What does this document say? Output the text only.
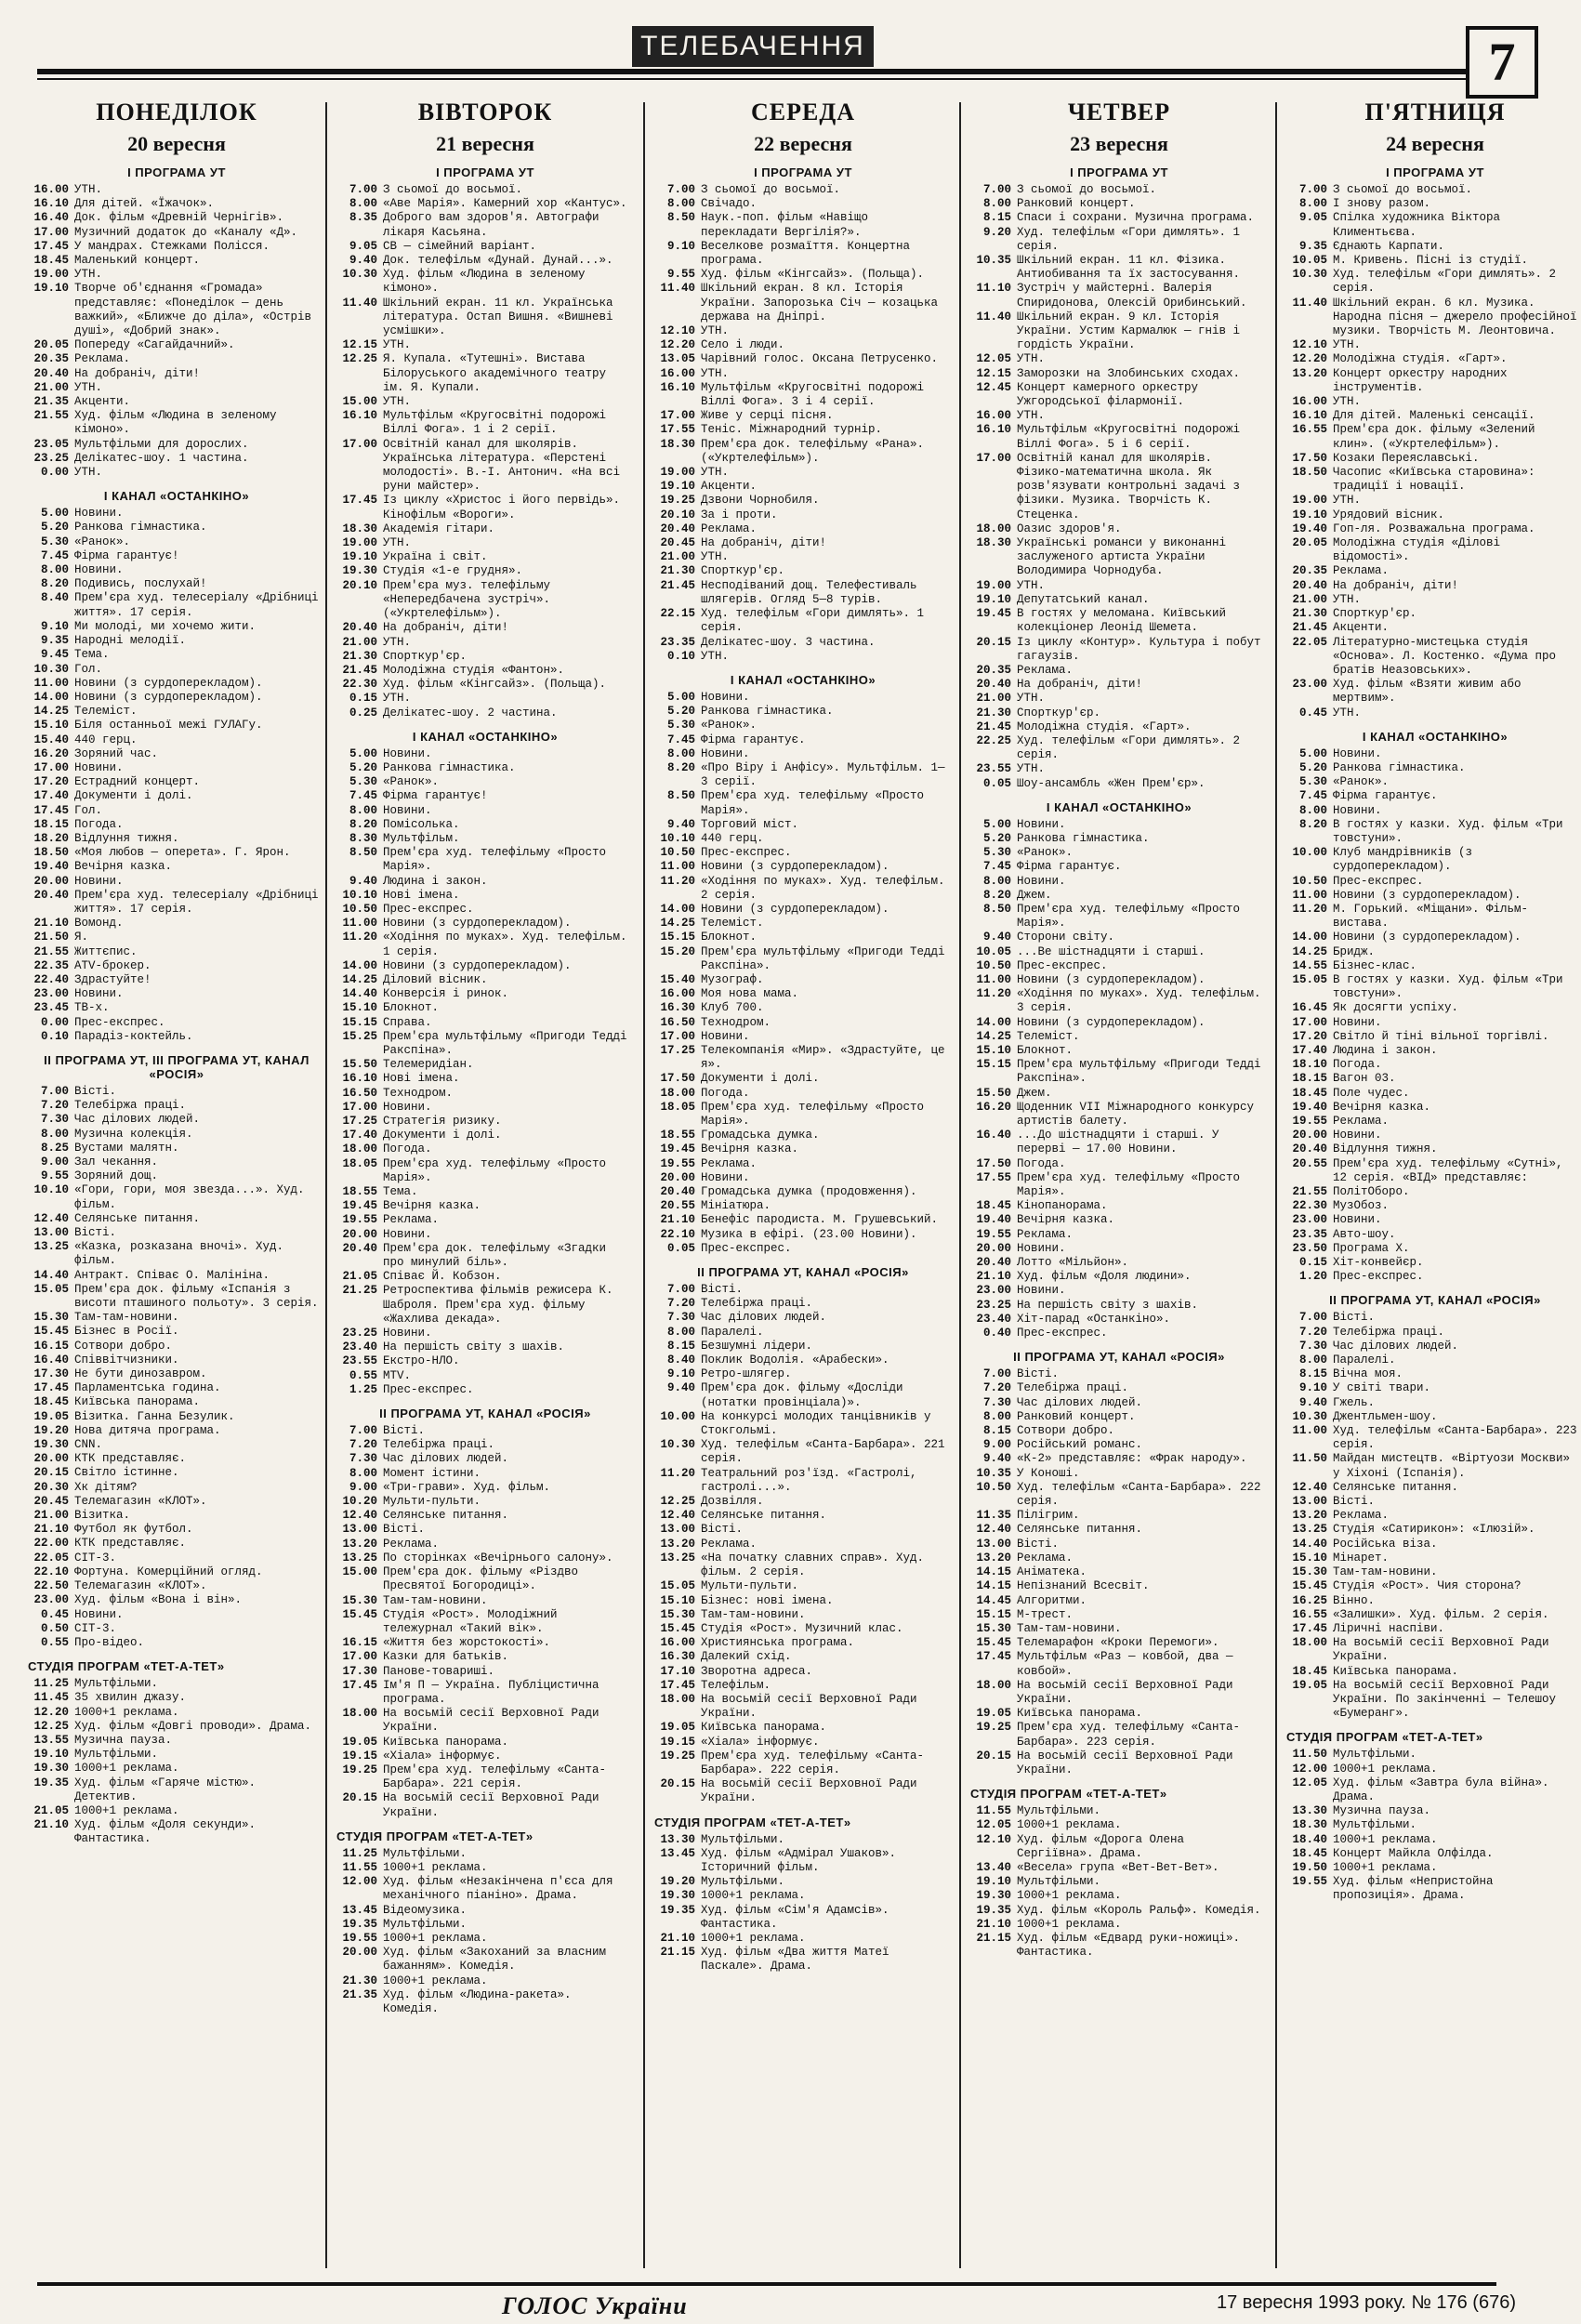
ТЕЛЕБАЧЕННЯ	7
ПОНЕДІЛОК
20 вересня
І ПРОГРАМА УТ
16.00 УТН.
16.10 Для дітей. «Їжачок».
16.40 Док. фільм «Древній Чернігів».
17.00 Музичний додаток до «Каналу «Д».
17.45 У мандрах. Стежками Полісся.
18.45 Маленький концерт.
19.00 УТН.
19.10 Творче об'єднання «Громада» представляє: «Понеділок — день важкий», «Ближче до діла», «Острів душі», «Добрий знак».
20.05 Попереду «Сагайдачний».
20.35 Реклама.
20.40 На добраніч, діти!
21.00 УТН.
21.35 Акценти.
21.55 Худ. фільм «Людина в зеленому кімоно».
23.05 Мультфільми для дорослих.
23.25 Делікатес-шоу. 1 частина.
0.00 УТН.
І КАНАЛ «ОСТАНКІНО»
5.00 Новини.
5.20 Ранкова гімнастика.
5.30 «Ранок».
7.45 Фірма гарантує!
8.00 Новини.
8.20 Подивись, послухай!
8.40 Прем'єра худ. телесеріалу «Дрібниці життя». 17 серія.
9.10 Ми молоді, ми хочемо жити.
9.35 Народні мелодії.
9.45 Тема.
10.30 Гол.
11.00 Новини (з сурдоперекладом).
14.00 Новини (з сурдоперекладом).
14.25 Телеміст.
15.10 Біля останньої межі ГУЛАГу.
15.40 440 герц.
16.20 Зоряний час.
17.00 Новини.
17.20 Естрадний концерт.
17.40 Документи і долі.
17.45 Гол.
18.15 Погода.
18.20 Відлуння тижня.
18.50 «Моя любов — оперета». Г. Ярон.
19.40 Вечірня казка.
20.00 Новини.
20.40 Прем'єра худ. телесеріалу «Дрібниці життя». 17 серія.
21.10 Вомонд.
21.50 Я.
21.55 Життєпис.
22.35 ATV-брокер.
22.40 Здрастуйте!
23.00 Новини.
23.45 ТВ-х.
0.00 Прес-експрес.
0.10 Парадіз-коктейль.
ІІ ПРОГРАМА УТ, ІІІ ПРОГРАМА УТ, КАНАЛ «РОСІЯ»
7.00 Вісті.
7.20 Телебіржа праці.
7.30 Час ділових людей.
8.00 Музична колекція.
8.25 Вустами малятн.
9.00 Зал чекання.
9.55 Зоряний дощ.
10.10 «Гори, гори, моя звезда...». Худ. фільм.
12.40 Селянське питання.
13.00 Вісті.
13.25 «Казка, розказана вночі». Худ. фільм.
14.40 Антракт. Співає О. Малініна.
15.05 Прем'єра док. фільму «Іспанія з висоти пташиного польоту». 3 серія.
15.30 Там-там-новини.
15.45 Бізнес в Росії.
16.15 Сотвори добро.
16.40 Співвітчизники.
17.30 Не бути динозавром.
17.45 Парламентська година.
18.45 Київська панорама.
19.05 Візитка. Ганна Безулик.
19.20 Нова дитяча програма.
19.30 CNN.
20.00 КТК представляє.
20.15 Світло істинне.
20.30 Хк дітям?
20.45 Телемагазин «КЛОТ».
21.00 Візитка.
21.10 Футбол як футбол.
22.00 КТК представляє.
22.05 СІТ-3.
22.10 Фортуна. Комерційний огляд.
22.50 Телемагазин «КЛОТ».
23.00 Худ. фільм «Вона і він».
0.45 Новини.
0.50 СІТ-3.
0.55 Про-відео.
СТУДІЯ ПРОГРАМ «ТЕТ-А-ТЕТ»
11.25 Мультфільми.
11.45 35 хвилин джазу.
12.20 1000+1 реклама.
12.25 Худ. фільм «Довгі проводи». Драма.
13.55 Музична пауза.
19.10 Мультфільми.
19.30 1000+1 реклама.
19.35 Худ. фільм «Гаряче містю». Детектив.
21.05 1000+1 реклама.
21.10 Худ. фільм «Доля секунди». Фантастика.
ВІВТОРОК
21 вересня
І ПРОГРАМА УТ
7.00 З сьомої до восьмої.
8.00 «Аве Марія». Камерний хор «Кантус».
8.35 Доброго вам здоров'я. Автографи лікаря Касьяна.
9.05 СВ — сімейний варіант.
9.40 Док. телефільм «Дунай. Дунай...».
10.30 Худ. фільм «Людина в зеленому кімоно».
11.40 Шкільний екран. 11 кл. Українська література. Остап Вишня. «Вишневі усмішки».
12.15 УТН.
12.25 Я. Купала. «Тутешні». Вистава Білоруського академічного театру ім. Я. Купали.
15.00 УТН.
16.10 Мультфільм «Кругосвітні подорожі Віллі Фога». 1 і 2 серії.
17.00 Освітній канал для школярів. Українська література. «Перстені молодості». В.-І. Антонич. «На всі руни майстер».
17.45 Із циклу «Христос і його первідь». Кінофільм «Вороги».
18.30 Академія гітари.
19.00 УТН.
19.10 Україна і світ.
19.30 Студія «1-е грудня».
20.10 Прем'єра муз. телефільму «Непередбачена зустріч». («Укртелефільм»).
20.40 На добраніч, діти!
21.00 УТН.
21.30 Спорткур'єр.
21.45 Молодіжна студія «Фантон».
22.30 Худ. фільм «Кінгсайз». (Польща).
0.15 УТН.
0.25 Делікатес-шоу. 2 частина.
І КАНАЛ «ОСТАНКІНО»
5.00 Новини.
5.20 Ранкова гімнастика.
5.30 «Ранок».
7.45 Фірма гарантує!
8.00 Новини.
8.20 Помісолька.
8.30 Мультфільм.
8.50 Прем'єра худ. телефільму «Просто Марія».
9.40 Людина і закон.
10.10 Нові імена.
10.50 Прес-експрес.
11.00 Новини (з сурдоперекладом).
11.20 «Ходіння по муках». Худ. телефільм. 1 серія.
14.00 Новини (з сурдоперекладом).
14.25 Діловий вісник.
14.40 Конверсія і ринок.
15.10 Блокнот.
15.15 Справа.
15.25 Прем'єра мультфільму «Пригоди Тедді Ракспіна».
15.50 Телемеридіан.
16.10 Нові імена.
16.50 Технодром.
17.00 Новини.
17.25 Стратегія ризику.
17.40 Документи і долі.
18.00 Погода.
18.05 Прем'єра худ. телефільму «Просто Марія».
18.55 Тема.
19.45 Вечірня казка.
19.55 Реклама.
20.00 Новини.
20.40 Прем'єра док. телефільму «Згадки про минулий біль».
21.05 Співає Й. Кобзон.
21.25 Ретроспектива фільмів режисера К. Шаброля. Прем'єра худ. фільму «Жахлива декада».
23.25 Новини.
23.40 На першість світу з шахів.
23.55 Екстро-НЛО.
0.55 MTV.
1.25 Прес-експрес.
ІІ ПРОГРАМА УТ, КАНАЛ «РОСІЯ»
7.00 Вісті.
7.20 Телебіржа праці.
7.30 Час ділових людей.
8.00 Момент істини.
9.00 «Три-грави». Худ. фільм.
10.20 Мульти-пульти.
12.40 Селянське питання.
13.00 Вісті.
13.20 Реклама.
13.25 По сторінках «Вечірнього салону».
15.00 Прем'єра док. фільму «Різдво Пресвятої Богородиці».
15.30 Там-там-новини.
15.45 Студія «Рост». Молодіжний тележурнал «Такий вік».
16.15 «Життя без жорстокості».
17.00 Казки для батьків.
17.30 Панове-товариші.
17.45 Ім'я П — Україна. Публіцистична програма.
18.00 На восьмій сесії Верховної Ради України.
19.05 Київська панорама.
19.15 «Хіала» інформує.
19.25 Прем'єра худ. телефільму «Санта-Барбара». 221 серія.
20.15 На восьмій сесії Верховної Ради України.
СТУДІЯ ПРОГРАМ «ТЕТ-А-ТЕТ»
11.25 Мультфільми.
11.55 1000+1 реклама.
12.00 Худ. фільм «Незакінчена п'єса для механічного піаніно». Драма.
13.45 Відеомузика.
19.35 Мультфільми.
19.55 1000+1 реклама.
20.00 Худ. фільм «Закоханий за власним бажанням». Комедія.
21.30 1000+1 реклама.
21.35 Худ. фільм «Людина-ракета». Комедія.
СЕРЕДА
22 вересня
І ПРОГРАМА УТ
7.00 З сьомої до восьмої.
8.00 Свічадо.
8.50 Наук.-поп. фільм «Навіщо перекладати Вергілія?».
9.10 Веселкове розмаїття. Концертна програма.
9.55 Худ. фільм «Кінгсайз». (Польща).
11.40 Шкільний екран. 8 кл. Історія України. Запорозька Січ — козацька держава на Дніпрі.
12.10 УТН.
12.20 Село і люди.
13.05 Чарівний голос. Оксана Петрусенко.
16.00 УТН.
16.10 Мультфільм «Кругосвітні подорожі Віллі Фога». 3 і 4 серії.
17.00 Живе у серці пісня.
17.55 Теніс. Міжнародний турнір.
18.30 Прем'єра док. телефільму «Рана». («Укртелефільм»).
19.00 УТН.
19.10 Акценти.
19.25 Дзвони Чорнобиля.
20.10 За і проти.
20.40 Реклама.
20.45 На добраніч, діти!
21.00 УТН.
21.30 Спорткур'єр.
21.45 Несподіваний дощ. Телефестиваль шлягерів. Огляд 5—8 турів.
22.15 Худ. телефільм «Гори димлять». 1 серія.
23.35 Делікатес-шоу. 3 частина.
0.10 УТН.
І КАНАЛ «ОСТАНКІНО»
5.00 Новини.
5.20 Ранкова гімнастика.
5.30 «Ранок».
7.45 Фірма гарантує.
8.00 Новини.
8.20 «Про Віру і Анфісу». Мультфільм. 1—3 серії.
8.50 Прем'єра худ. телефільму «Просто Марія».
9.40 Торговий міст.
10.10 440 герц.
10.50 Прес-експрес.
11.00 Новини (з сурдоперекладом).
11.20 «Ходіння по муках». Худ. телефільм. 2 серія.
14.00 Новини (з сурдоперекладом).
14.25 Телеміст.
15.15 Блокнот.
15.20 Прем'єра мультфільму «Пригоди Тедді Ракспіна».
15.40 Музограф.
16.00 Моя нова мама.
16.30 Клуб 700.
16.50 Технодром.
17.00 Новини.
17.25 Телекомпанія «Мир». «Здрастуйте, це я».
17.50 Документи і долі.
18.00 Погода.
18.05 Прем'єра худ. телефільму «Просто Марія».
18.55 Громадська думка.
19.45 Вечірня казка.
19.55 Реклама.
20.00 Новини.
20.40 Громадська думка (продовження).
20.55 Мініатюра.
21.10 Бенефіс пародиста. М. Грушевський.
22.10 Музика в ефірі. (23.00 Новини).
0.05 Прес-експрес.
ІІ ПРОГРАМА УТ, КАНАЛ «РОСІЯ»
7.00 Вісті.
7.20 Телебіржа праці.
7.30 Час ділових людей.
8.00 Паралелі.
8.15 Безшумні лідери.
8.40 Поклик Водолія. «Арабески».
9.10 Ретро-шлягер.
9.40 Прем'єра док. фільму «Досліди (нотатки провінціала)».
10.00 На конкурсі молодих танцівників у Стокгольмі.
10.30 Худ. телефільм «Санта-Барбара». 221 серія.
11.20 Театральний роз'їзд. «Гастролі, гастролі...».
12.25 Дозвілля.
12.40 Селянське питання.
13.00 Вісті.
13.20 Реклама.
13.25 «На початку славних справ». Худ. фільм. 2 серія.
15.05 Мульти-пульти.
15.10 Бізнес: нові імена.
15.30 Там-там-новини.
15.45 Студія «Рост». Музичний клас.
16.00 Християнська програма.
16.30 Далекий схід.
17.10 Зворотна адреса.
17.45 Телефільм.
18.00 На восьмій сесії Верховної Ради України.
19.05 Київська панорама.
19.15 «Хіала» інформує.
19.25 Прем'єра худ. телефільму «Санта-Барбара». 222 серія.
20.15 На восьмій сесії Верховної Ради України.
СТУДІЯ ПРОГРАМ «ТЕТ-А-ТЕТ»
13.30 Мультфільми.
13.45 Худ. фільм «Адмірал Ушаков». Історичний фільм.
19.20 Мультфільми.
19.30 1000+1 реклама.
19.35 Худ. фільм «Сім'я Адамсів». Фантастика.
21.10 1000+1 реклама.
21.15 Худ. фільм «Два життя Матеї Паскале». Драма.
ЧЕТВЕР
23 вересня
І ПРОГРАМА УТ
7.00 З сьомої до восьмої.
8.00 Ранковий концерт.
8.15 Спаси і сохрани. Музична програма.
9.20 Худ. телефільм «Гори димлять». 1 серія.
10.35 Шкільний екран. 11 кл. Фізика. Антиобивання та їх застосування.
11.10 Зустріч у майстерні. Валерія Спиридонова, Олексій Орибинський.
11.40 Шкільний екран. 9 кл. Історія України. Устим Кармалюк — гнів і гордість України.
12.05 УТН.
12.15 Заморозки на Злобинських сходах.
12.45 Концерт камерного оркестру Ужгородської філармонії.
16.00 УТН.
16.10 Мультфільм «Кругосвітні подорожі Віллі Фога». 5 і 6 серії.
17.00 Освітній канал для школярів. Фізико-математична школа. Як розв'язувати контрольні задачі з фізики. Музика. Творчість К. Стеценка.
18.00 Оазис здоров'я.
18.30 Українські романси у виконанні заслуженого артиста України Володимира Чорнодуба.
19.00 УТН.
19.10 Депутатський канал.
19.45 В гостях у меломана. Київський колекціонер Леонід Шемета.
20.15 Із циклу «Контур». Культура і побут гагаузів.
20.35 Реклама.
20.40 На добраніч, діти!
21.00 УТН.
21.30 Спорткур'єр.
21.45 Молодіжна студія. «Гарт».
22.25 Худ. телефільм «Гори димлять». 2 серія.
23.55 УТН.
0.05 Шоу-ансамбль «Жен Прем'єр».
І КАНАЛ «ОСТАНКІНО»
5.00 Новини.
5.20 Ранкова гімнастика.
5.30 «Ранок».
7.45 Фірма гарантує.
8.00 Новини.
8.20 Джем.
8.50 Прем'єра худ. телефільму «Просто Марія».
9.40 Сторони світу.
10.05 ...Ве шістнадцяти і старші.
10.50 Прес-експрес.
11.00 Новини (з сурдоперекладом).
11.20 «Ходіння по муках». Худ. телефільм. 3 серія.
14.00 Новини (з сурдоперекладом).
14.25 Телеміст.
15.10 Блокнот.
15.15 Прем'єра мультфільму «Пригоди Тедді Ракспіна».
15.50 Джем.
16.20 Щоденник VII Міжнародного конкурсу артистів балету.
16.40 ...До шістнадцяти і старші. У перерві — 17.00 Новини.
17.50 Погода.
17.55 Прем'єра худ. телефільму «Просто Марія».
18.45 Кінопанорама.
19.40 Вечірня казка.
19.55 Реклама.
20.00 Новини.
20.40 Лотто «Мільйон».
21.10 Худ. фільм «Доля людини».
23.00 Новини.
23.25 На першість світу з шахів.
23.40 Хіт-парад «Останкіно».
0.40 Прес-експрес.
ІІ ПРОГРАМА УТ, КАНАЛ «РОСІЯ»
7.00 Вісті.
7.20 Телебіржа праці.
7.30 Час ділових людей.
8.00 Ранковий концерт.
8.15 Сотвори добро.
9.00 Російський романс.
9.40 «К-2» представляє: «Фрак народу».
10.35 У Коноші.
10.50 Худ. телефільм «Санта-Барбара». 222 серія.
11.35 Пілігрим.
12.40 Селянське питання.
13.00 Вісті.
13.20 Реклама.
14.15 Аніматека.
14.15 Непізнаний Всесвіт.
14.45 Алгоритми.
15.15 М-трест.
15.30 Там-там-новини.
15.45 Телемарафон «Кроки Перемоги».
17.45 Мультфільм «Раз — ковбой, два — ковбой».
18.00 На восьмій сесії Верховної Ради України.
19.05 Київська панорама.
19.25 Прем'єра худ. телефільму «Санта-Барбара». 223 серія.
20.15 На восьмій сесії Верховної Ради України.
СТУДІЯ ПРОГРАМ «ТЕТ-А-ТЕТ»
11.55 Мультфільми.
12.05 1000+1 реклама.
12.10 Худ. фільм «Дорога Олена Сергіївна». Драма.
13.40 «Весела» група «Вет-Вет-Вет».
19.10 Мультфільми.
19.30 1000+1 реклама.
19.35 Худ. фільм «Король Ральф». Комедія.
21.10 1000+1 реклама.
21.15 Худ. фільм «Едвард руки-ножиці». Фантастика.
П'ЯТНИЦЯ
24 вересня
І ПРОГРАМА УТ
7.00 З сьомої до восьмої.
8.00 І знову разом.
9.05 Спілка художника Віктора Климентьєва.
9.35 Єднають Карпати.
10.05 М. Кривень. Пісні із студії.
10.30 Худ. телефільм «Гори димлять». 2 серія.
11.40 Шкільний екран. 6 кл. Музика. Народна пісня — джерело професійної музики. Творчість М. Леонтовича.
12.10 УТН.
12.20 Молодіжна студія. «Гарт».
13.20 Концерт оркестру народних інструментів.
16.00 УТН.
16.10 Для дітей. Маленькі сенсації.
16.55 Прем'єра док. фільму «Зелений клин». («Укртелефільм»).
17.50 Козаки Переяславські.
18.50 Часопис «Київська старовина»: традиції і новації.
19.00 УТН.
19.10 Урядовий вісник.
19.40 Гоп-ля. Розважальна програма.
20.05 Молодіжна студія «Ділові відомості».
20.35 Реклама.
20.40 На добраніч, діти!
21.00 УТН.
21.30 Спорткур'єр.
21.45 Акценти.
22.05 Літературно-мистецька студія «Основа». Л. Костенко. «Дума про братів Неазовських».
23.00 Худ. фільм «Взяти живим або мертвим».
0.45 УТН.
І КАНАЛ «ОСТАНКІНО»
5.00 Новини.
5.20 Ранкова гімнастика.
5.30 «Ранок».
7.45 Фірма гарантує.
8.00 Новини.
8.20 В гостях у казки. Худ. фільм «Три товстуни».
10.00 Клуб мандрівників (з сурдоперекладом).
10.50 Прес-експрес.
11.00 Новини (з сурдоперекладом).
11.20 М. Горький. «Міщани». Фільм-вистава.
14.00 Новини (з сурдоперекладом).
14.25 Бридж.
14.55 Бізнес-клас.
15.05 В гостях у казки. Худ. фільм «Три товстуни».
16.45 Як досягти успіху.
17.00 Новини.
17.20 Світло й тіні вільної торгівлі.
17.40 Людина і закон.
18.10 Погода.
18.15 Вагон 03.
18.45 Поле чудес.
19.40 Вечірня казка.
19.55 Реклама.
20.00 Новини.
20.40 Відлуння тижня.
20.55 Прем'єра худ. телефільму «Сутні», 12 серія. «ВІД» представляє:
21.55 ПолітОборо.
22.30 МузОбоз.
23.00 Новини.
23.35 Авто-шоу.
23.50 Програма X.
0.15 Хіт-конвейєр.
1.20 Прес-експрес.
ІІ ПРОГРАМА УТ, КАНАЛ «РОСІЯ»
7.00 Вісті.
7.20 Телебіржа праці.
7.30 Час ділових людей.
8.00 Паралелі.
8.15 Вічна моя.
9.10 У світі твари.
9.40 Гжель.
10.30 Джентльмен-шоу.
11.00 Худ. телефільм «Санта-Барбара». 223 серія.
11.50 Майдан мистецтв. «Віртуози Москви» у Хіхоні (Іспанія).
12.40 Селянське питання.
13.00 Вісті.
13.20 Реклама.
13.25 Студія «Сатирикон»: «Ілюзій».
14.40 Російська віза.
15.10 Мінарет.
15.30 Там-там-новини.
15.45 Студія «Рост». Чия сторона?
16.25 Вінно.
16.55 «Залишки». Худ. фільм. 2 серія.
17.45 Ліричні наспіви.
18.00 На восьмій сесії Верховної Ради України.
18.45 Київська панорама.
19.05 На восьмій сесії Верховної Ради України. По закінченні — Телешоу «Бумеранг».
СТУДІЯ ПРОГРАМ «ТЕТ-А-ТЕТ»
11.50 Мультфільми.
12.00 1000+1 реклама.
12.05 Худ. фільм «Завтра була війна». Драма.
13.30 Музична пауза.
18.30 Мультфільми.
18.40 1000+1 реклама.
18.45 Концерт Майкла Олфілда.
19.50 1000+1 реклама.
19.55 Худ. фільм «Непристойна пропозиція». Драма.
ГОЛОС України	17 вересня 1993 року. № 176 (676)
